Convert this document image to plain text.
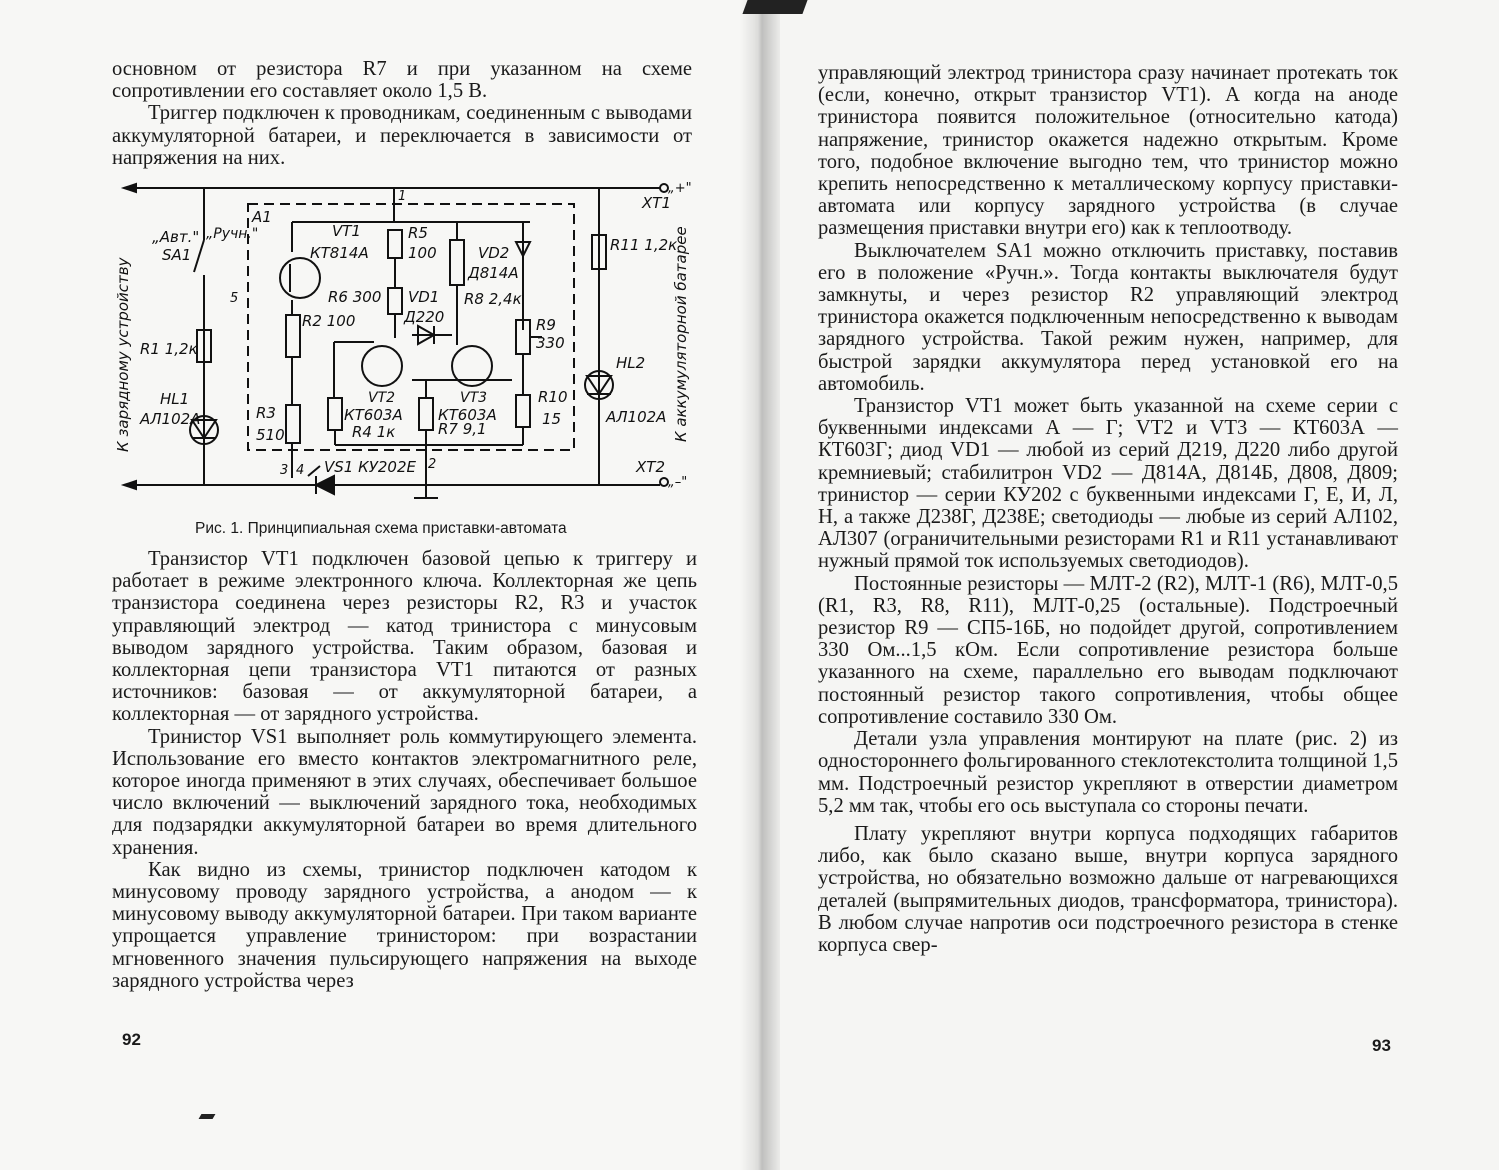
основном от резистора R7 и при указанном на схеме сопротивлении его составляет около 1,5 В.

Триггер подключен к проводникам, соединенным с выводами аккумуляторной батареи, и переключается в зависимости от напряжения на них.

„Авт." „Ручн."
SA1
A1
VT1
КТ814А
R5
100	VD2
Д814А
R8 2,4к
R6 300 VD1
Д220
R2 100	R9
330
R1 1,2к
HL1
АЛ102А
VT2
КТ603А
VT3
КТ603А
R10
15
R3
510	R4 1к	R7 9,1
VS1 КУ202Е
R11 1,2к
HL2
АЛ102А
XT1
XT2
„+"
„–"
1
2
3 4
5
К зарядному устройству	К аккумуляторной батарее
Рис. 1. Принципиальная схема приставки-автомата

Транзистор VT1 подключен базовой цепью к триггеру и работает в режиме электронного ключа. Коллекторная же цепь транзистора соединена через резисторы R2, R3 и участок управляющий электрод — катод тринистора с минусовым выводом зарядного устройства. Таким образом, базовая и коллекторная цепи транзистора VT1 питаются от разных источников: базовая — от аккумуляторной батареи, а коллекторная — от зарядного устройства.

Тринистор VS1 выполняет роль коммутирующего элемента. Использование его вместо контактов электромагнитного реле, которое иногда применяют в этих случаях, обеспечивает большое число включений — выключений зарядного тока, необходимых для подзарядки аккумуляторной батареи во время длительного хранения.

Как видно из схемы, тринистор подключен катодом к минусовому проводу зарядного устройства, а анодом — к минусовому выводу аккумуляторной батареи. При таком варианте упрощается управление тринистором: при возрастании мгновенного значения пульсирующего напряжения на выходе зарядного устройства через

92

управляющий электрод тринистора сразу начинает протекать ток (если, конечно, открыт транзистор VT1). А когда на аноде тринистора появится положительное (относительно катода) напряжение, тринистор окажется надежно открытым. Кроме того, подобное включение выгодно тем, что тринистор можно крепить непосредственно к металлическому корпусу приставки-автомата или корпусу зарядного устройства (в случае размещения приставки внутри его) как к теплоотводу.

Выключателем SA1 можно отключить приставку, поставив его в положение «Ручн.». Тогда контакты выключателя будут замкнуты, и через резистор R2 управляющий электрод тринистора окажется подключенным непосредственно к выводам зарядного устройства. Такой режим нужен, например, для быстрой зарядки аккумулятора перед установкой его на автомобиль.

Транзистор VT1 может быть указанной на схеме серии с буквенными индексами А — Г; VT2 и VT3 — КТ603А — КТ603Г; диод VD1 — любой из серий Д219, Д220 либо другой кремниевый; стабилитрон VD2 — Д814А, Д814Б, Д808, Д809; тринистор — серии КУ202 с буквенными индексами Г, Е, И, Л, Н, а также Д238Г, Д238Е; светодиоды — любые из серий АЛ102, АЛ307 (ограничительными резисторами R1 и R11 устанавливают нужный прямой ток используемых светодиодов).

Постоянные резисторы — МЛТ-2 (R2), МЛТ-1 (R6), МЛТ-0,5 (R1, R3, R8, R11), МЛТ-0,25 (остальные). Подстроечный резистор R9 — СП5-16Б, но подойдет другой, сопротивлением 330 Ом...1,5 кОм. Если сопротивление резистора больше указанного на схеме, параллельно его выводам подключают постоянный резистор такого сопротивления, чтобы общее сопротивление составило 330 Ом.

Детали узла управления монтируют на плате (рис. 2) из одностороннего фольгированного стеклотекстолита толщиной 1,5 мм. Подстроечный резистор укрепляют в отверстии диаметром 5,2 мм так, чтобы его ось выступала со стороны печати.

Плату укрепляют внутри корпуса подходящих габаритов либо, как было сказано выше, внутри корпуса зарядного устройства, но обязательно возможно дальше от нагревающихся деталей (выпрямительных диодов, трансформатора, тринистора). В любом случае напротив оси подстроечного резистора в стенке корпуса свер-

93
